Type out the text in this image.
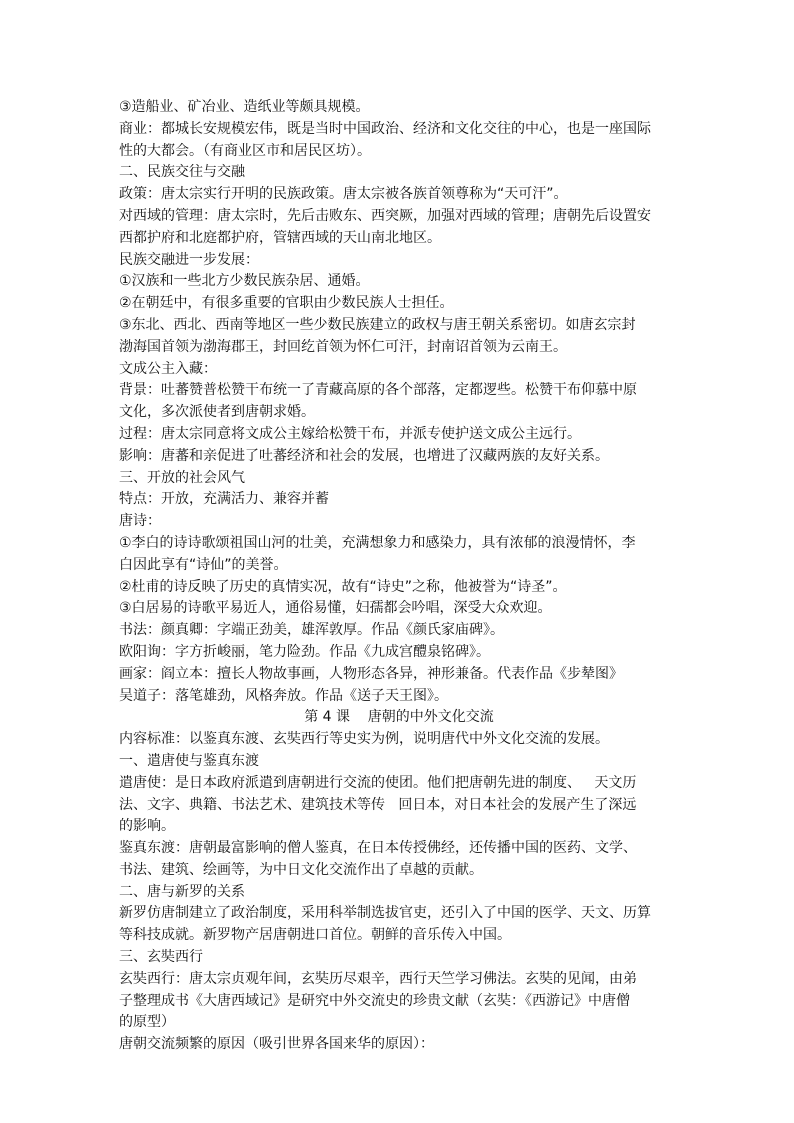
③造船业、矿冶业、造纸业等颇具规模。

商业：都城长安规模宏伟，既是当时中国政治、经济和文化交往的中心，也是一座国际

性的大都会。（有商业区市和居民区坊）。

二、民族交往与交融

政策：唐太宗实行开明的民族政策。唐太宗被各族首领尊称为“天可汗”。

对西域的管理：唐太宗时，先后击败东、西突厥，加强对西域的管理；唐朝先后设置安

西都护府和北庭都护府，管辖西域的天山南北地区。

民族交融进一步发展：

①汉族和一些北方少数民族杂居、通婚。

②在朝廷中，有很多重要的官职由少数民族人士担任。

③东北、西北、西南等地区一些少数民族建立的政权与唐王朝关系密切。如唐玄宗封

渤海国首领为渤海郡王，封回纥首领为怀仁可汗，封南诏首领为云南王。

文成公主入藏：

背景：吐蕃赞普松赞干布统一了青藏高原的各个部落，定都逻些。松赞干布仰慕中原

文化，多次派使者到唐朝求婚。

过程：唐太宗同意将文成公主嫁给松赞干布，并派专使护送文成公主远行。

影响：唐蕃和亲促进了吐蕃经济和社会的发展，也增进了汉藏两族的友好关系。

三、开放的社会风气

特点：开放，充满活力、兼容并蓄

唐诗：

①李白的诗诗歌颂祖国山河的壮美，充满想象力和感染力，具有浓郁的浪漫情怀，李

白因此享有“诗仙”的美誉。

②杜甫的诗反映了历史的真情实况，故有“诗史”之称，他被誉为“诗圣”。

③白居易的诗歌平易近人，通俗易懂，妇孺都会吟唱，深受大众欢迎。

书法：颜真卿：字端正劲美，雄浑敦厚。作品《颜氏家庙碑》。

欧阳询：字方折峻丽，笔力险劲。作品《九成宫醴泉铭碑》。

画家：阎立本：擅长人物故事画，人物形态各异，神形兼备。代表作品《步辇图》

吴道子：落笔雄劲，风格奔放。作品《送子天王图》。

第 4 课    唐朝的中外文化交流

内容标准：以鉴真东渡、玄奘西行等史实为例，说明唐代中外文化交流的发展。

一、遣唐使与鉴真东渡

遣唐使：是日本政府派遣到唐朝进行交流的使团。他们把唐朝先进的制度、   天文历

法、文字、典籍、书法艺术、建筑技术等传   回日本，对日本社会的发展产生了深远

的影响。

鉴真东渡：唐朝最富影响的僧人鉴真，在日本传授佛经，还传播中国的医药、文学、

书法、建筑、绘画等，为中日文化交流作出了卓越的贡献。

二、唐与新罗的关系

新罗仿唐制建立了政治制度，采用科举制选拔官吏，还引入了中国的医学、天文、历算

等科技成就。新罗物产居唐朝进口首位。朝鲜的音乐传入中国。

三、玄奘西行

玄奘西行：唐太宗贞观年间，玄奘历尽艰辛，西行天竺学习佛法。玄奘的见闻，由弟

子整理成书《大唐西域记》是研究中外交流史的珍贵文献（玄奘：《西游记》中唐僧

的原型）

唐朝交流频繁的原因（吸引世界各国来华的原因）：
